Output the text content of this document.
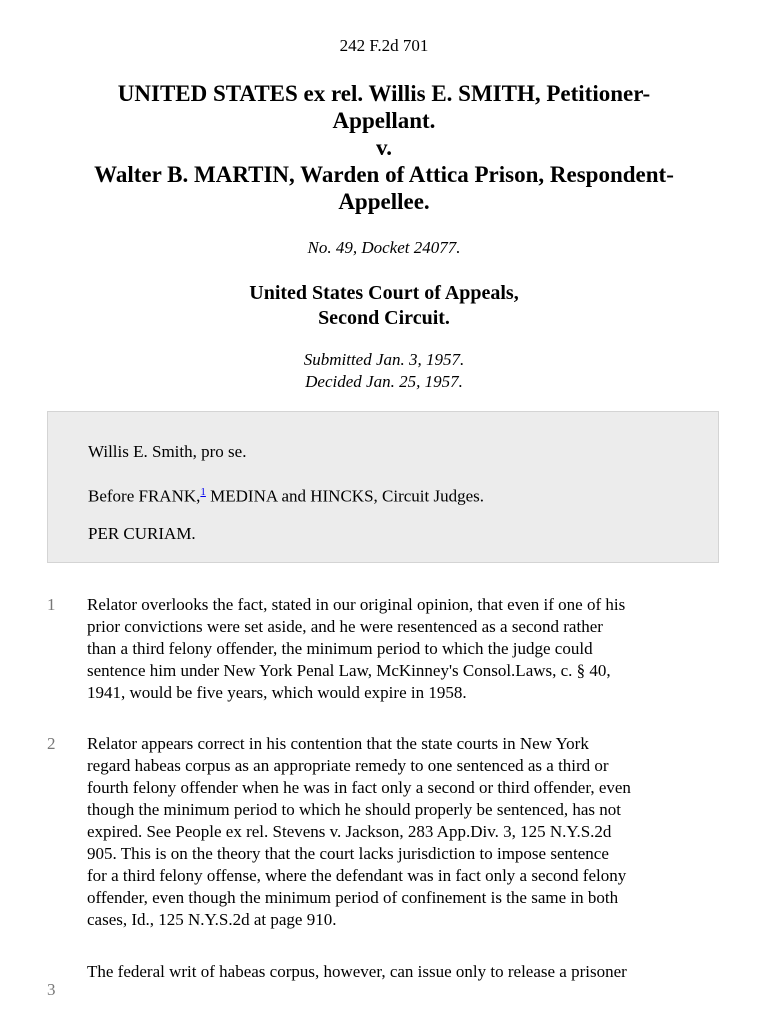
242 F.2d 701
UNITED STATES ex rel. Willis E. SMITH, Petitioner-
Appellant.
v.
Walter B. MARTIN, Warden of Attica Prison, Respondent-
Appellee.
No. 49, Docket 24077.
United States Court of Appeals,
Second Circuit.
Submitted Jan. 3, 1957.
Decided Jan. 25, 1957.

Willis E. Smith, pro se.

Before FRANK,$^1$ MEDINA and HINCKS, Circuit Judges.

PER CURIAM.

1 Relator overlooks the fact, stated in our original opinion, that even if one of his
prior convictions were set aside, and he were resentenced as a second rather
than a third felony offender, the minimum period to which the judge could
sentence him under New York Penal Law, McKinney's Consol.Laws, c. § 40,
1941, would be five years, which would expire in 1958.
2 Relator appears correct in his contention that the state courts in New York
regard habeas corpus as an appropriate remedy to one sentenced as a third or
fourth felony offender when he was in fact only a second or third offender, even
though the minimum period to which he should properly be sentenced, has not
expired. See People ex rel. Stevens v. Jackson, 283 App.Div. 3, 125 N.Y.S.2d
905. This is on the theory that the court lacks jurisdiction to impose sentence
for a third felony offense, where the defendant was in fact only a second felony
offender, even though the minimum period of confinement is the same in both
cases, Id., 125 N.Y.S.2d at page 910.
3
The federal writ of habeas corpus, however, can issue only to release a prisoner
